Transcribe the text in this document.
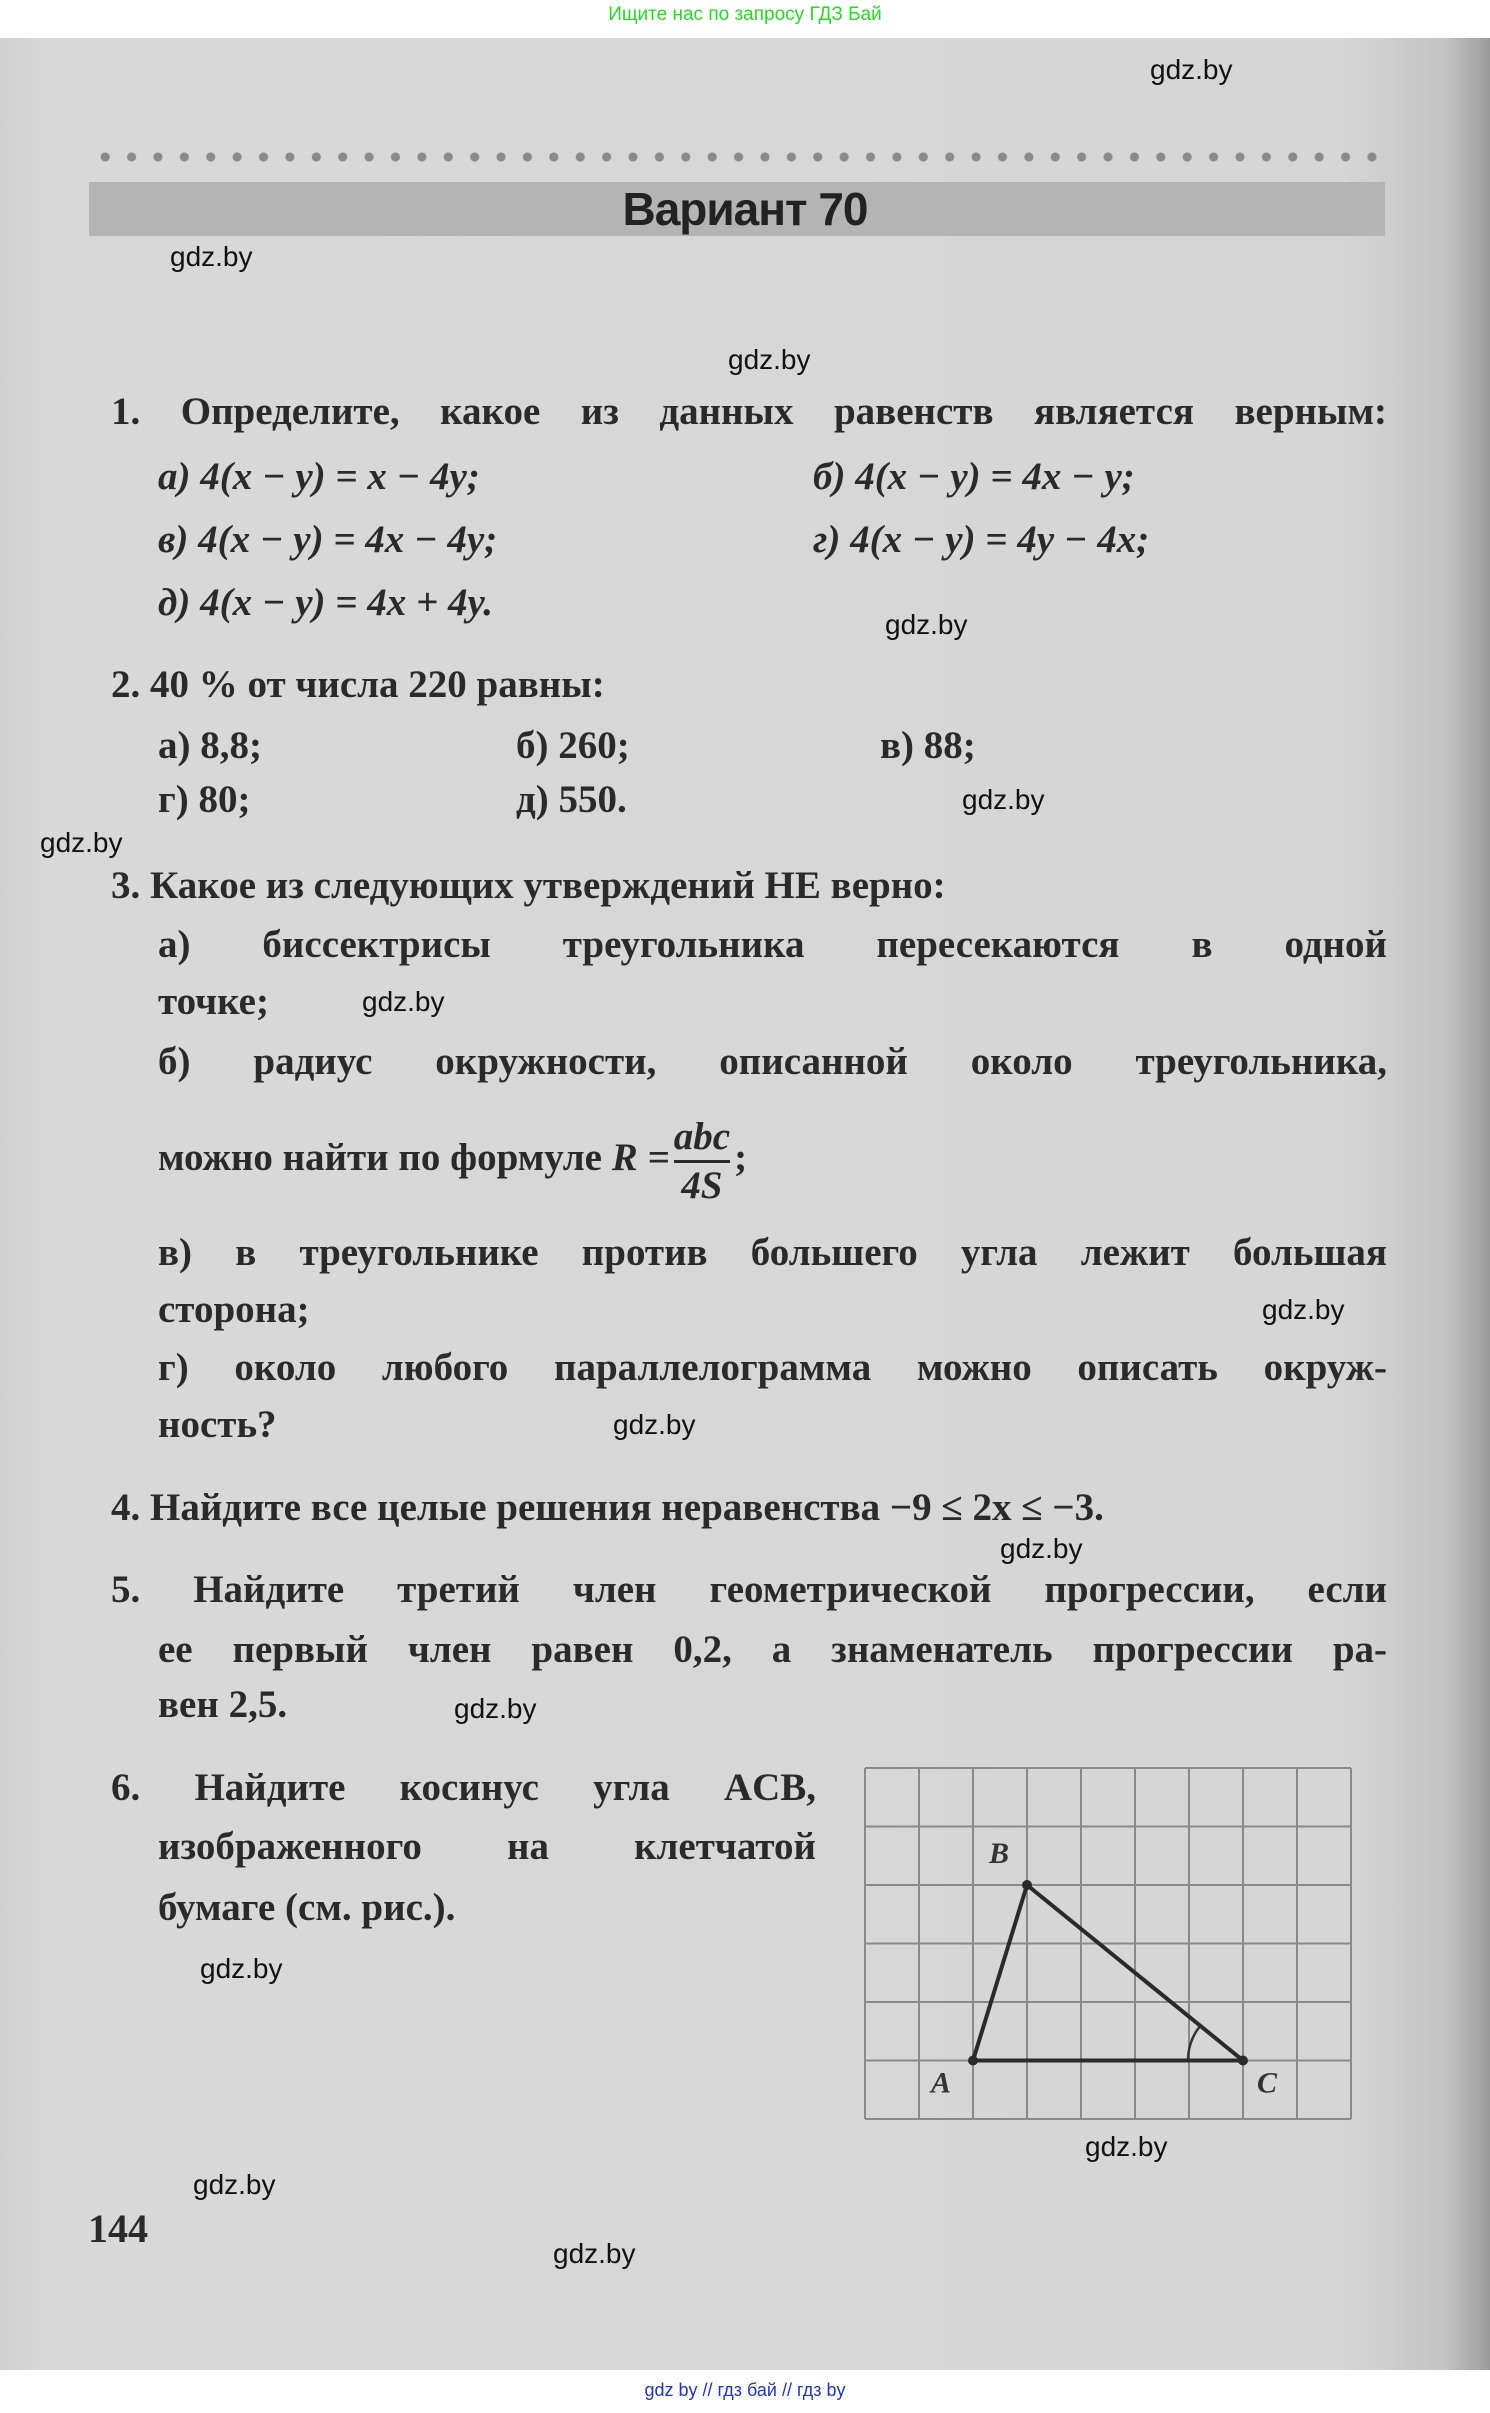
Ищите нас по запросу ГДЗ Бай
gdz.by
Вариант 70
gdz.by
gdz.by
1. Определите, какое из данных равенств является верным:
а) 4(x − y) = x − 4y;	б) 4(x − y) = 4x − y;
в) 4(x − y) = 4x − 4y;	г) 4(x − y) = 4y − 4x;
д) 4(x − y) = 4x + 4y.
gdz.by
2. 40 % от числа 220 равны:
а) 8,8;	б) 260;	в) 88;
г) 80;	д) 550.	gdz.by
gdz.by
3. Какое из следующих утверждений НЕ верно:
а) биссектрисы треугольника пересекаются в одной
точке;	gdz.by
б) радиус окружности, описанной около треугольника,
можно найти по формуле $R = \frac{\text{abc}}{4S}$ ;
в) в треугольнике против большего угла лежит большая
сторона;	gdz.by
г) около любого параллелограмма можно описать окруж-
ность?	gdz.by
4. Найдите все целые решения неравенства −9 ≤ 2x ≤ −3.
gdz.by
5. Найдите третий член геометрической прогрессии, если
ее первый член равен 0,2, а знаменатель прогрессии ра-
вен 2,5.	gdz.by
6. Найдите косинус угла ACB,
изображенного на клетчатой
бумаге (см. рис.).
gdz.by
A
B
C
gdz.by
144
gdz.by
gdz.by
gdz by // гдз бай // гдз by
